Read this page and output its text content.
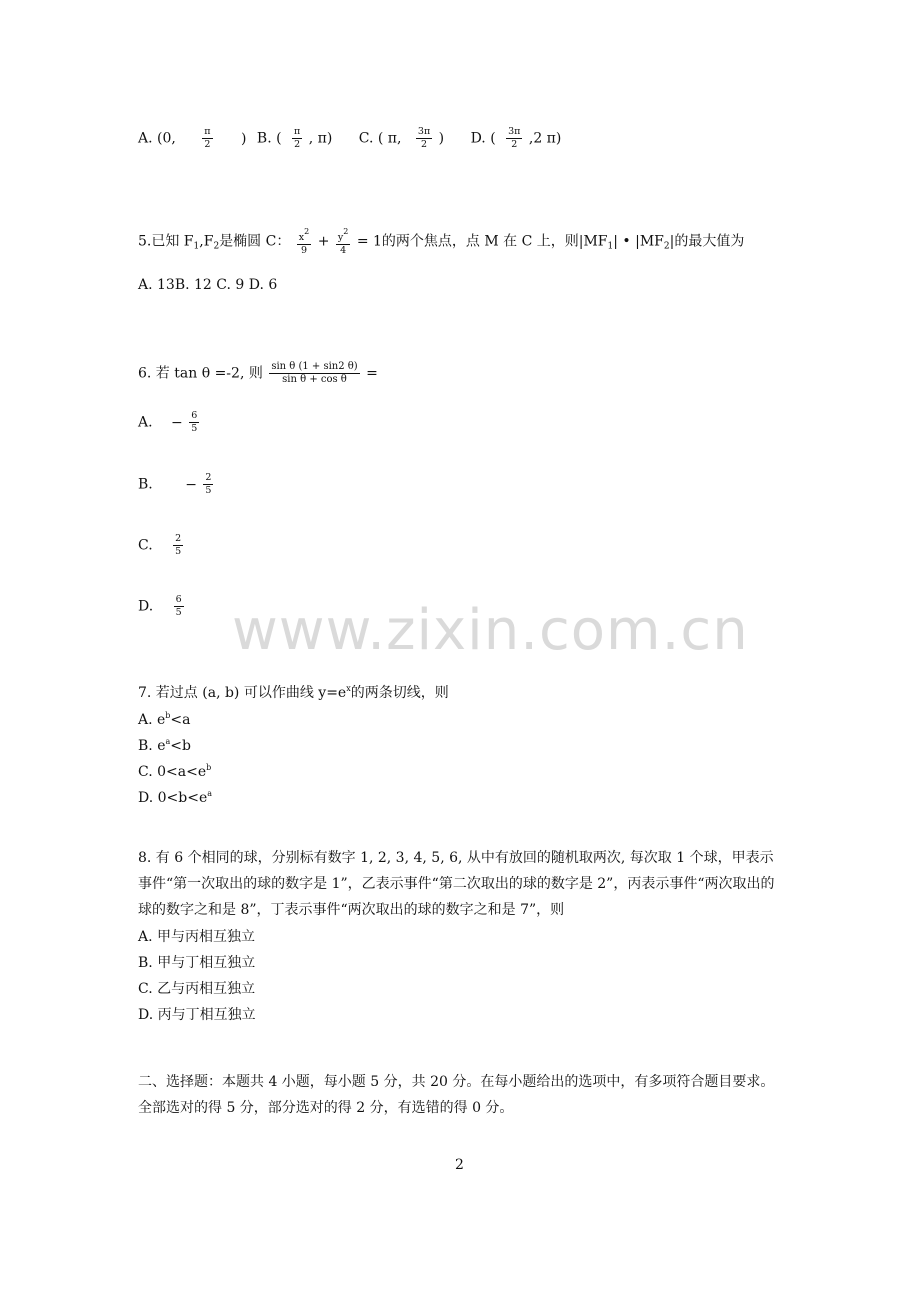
A. (0,	$\frac{\pi}{2}$ ) B. ( $\frac{\pi}{2}$ , π) C. ( π, $\frac{3\pi}{2}$ ) D. ( $\frac{3\pi}{2} ,2$ π)
5.已知 $F_1,F_2$是椭圆 C： $\frac{x^2}{9} + \frac{y^2}{4} = 1$的两个焦点，点 M 在 C 上，则$|MF_1|$ • $|MF_2|$的最大值为
A. 13B. 12 C. 9 D. 6
6. 若 tan θ =-2, 则 $\frac{\text{sin θ (1 + sin2 θ)}}{\text{sin θ + cos θ}}$ =
A. − $\frac{6}{5}$
B. − $\frac{2}{5}$
C. $\frac{2}{5}$
D. $\frac{6}{5}$ www.zixin.com.cn
7. 若过点 (a, b) 可以作曲线 $y=e^x$的两条切线，则
A. $e^b<a$
B. $e^a<b$
C. $0<a<e^b$
D. $0<b<e^a$
8. 有 6 个相同的球，分别标有数字 1, 2, 3, 4, 5, 6, 从中有放回的随机取两次, 每次取 1 个球，甲表示事件“第一次取出的球的数字是 1”，乙表示事件“第二次取出的球的数字是 2”，丙表示事件“两次取出的球的数字之和是 8”，丁表示事件“两次取出的球的数字之和是 7”，则
A. 甲与丙相互独立
B. 甲与丁相互独立
C. 乙与丙相互独立
D. 丙与丁相互独立
二、选择题：本题共 4 小题，每小题 5 分，共 20 分。在每小题给出的选项中，有多项符合题目要求。全部选对的得 5 分，部分选对的得 2 分，有选错的得 0 分。
2
